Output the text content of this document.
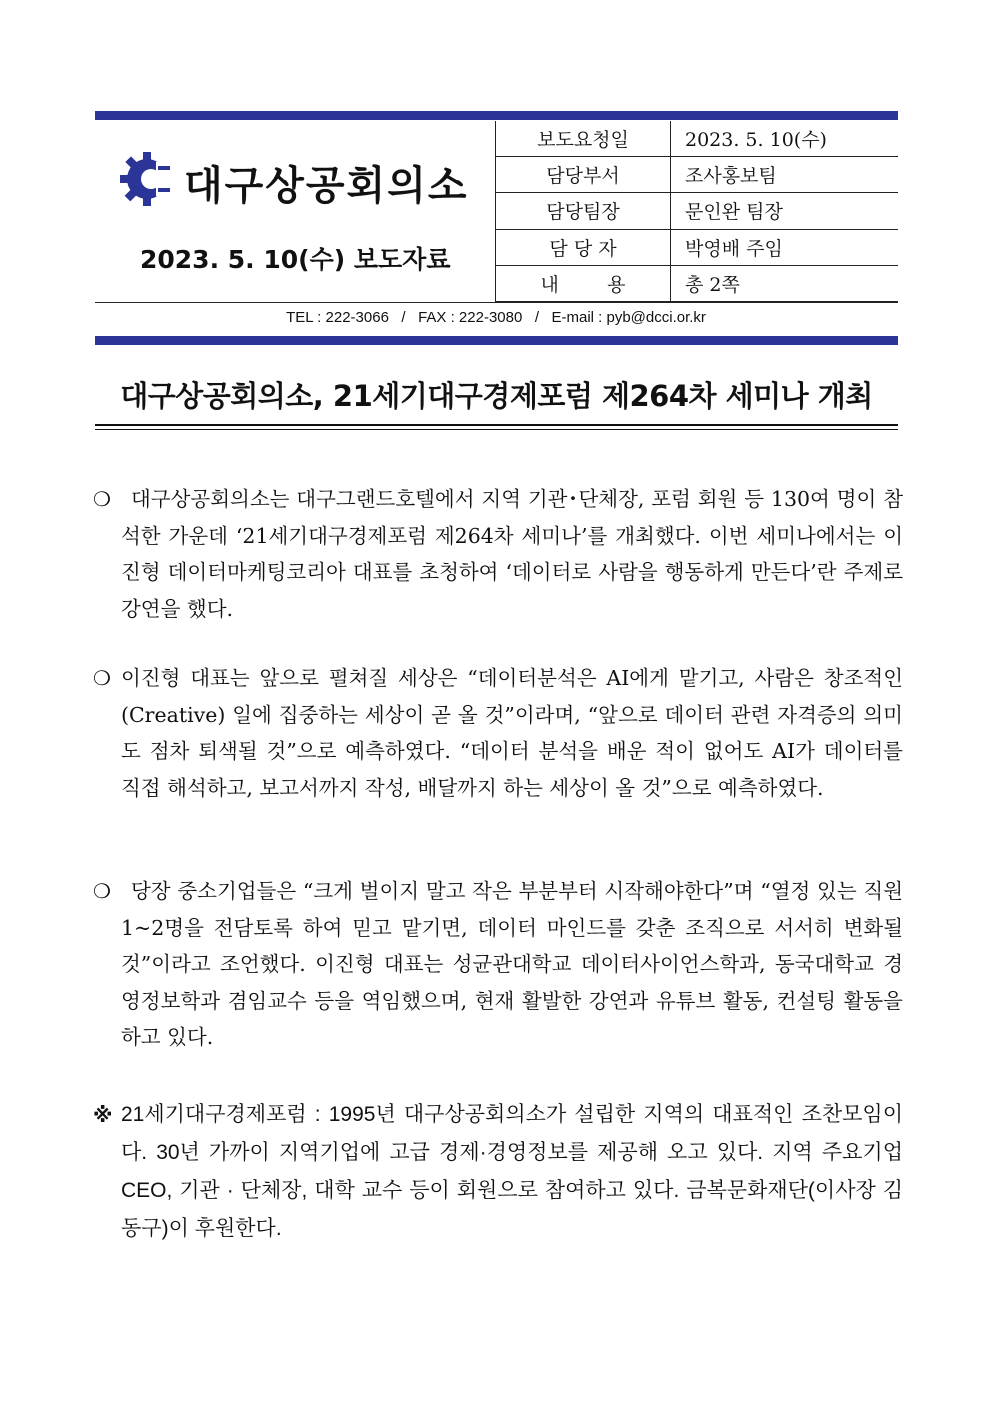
대구상공회의소
2023. 5. 10(수) 보도자료
보도요청일	2023. 5. 10(수)
담당부서	조사홍보팀
담당팀장	문인완 팀장
담 당 자	박영배 주임
내        용	총 2쪽
TEL : 222-3066   /   FAX : 222-3080   /   E-mail : pyb@dcci.or.kr
대구상공회의소, 21세기대구경제포럼 제264차 세미나 개최
❍ 대구상공회의소는 대구그랜드호텔에서 지역 기관･단체장, 포럼 회원 등 130여 명이 참석한 가운데 ‘21세기대구경제포럼 제264차 세미나’를 개최했다. 이번 세미나에서는 이진형 데이터마케팅코리아 대표를 초청하여 ‘데이터로 사람을 행동하게 만든다’란 주제로 강연을 했다.
❍ 이진형 대표는 앞으로 펼쳐질 세상은 “데이터분석은 AI에게 맡기고, 사람은 창조적인(Creative) 일에 집중하는 세상이 곧 올 것”이라며, “앞으로 데이터 관련 자격증의 의미도 점차 퇴색될 것”으로 예측하였다. “데이터 분석을 배운 적이 없어도 AI가 데이터를 직접 해석하고, 보고서까지 작성, 배달까지 하는 세상이 올 것”으로 예측하였다.
❍ 당장 중소기업들은 “크게 벌이지 말고 작은 부분부터 시작해야한다”며 “열정 있는 직원 1~2명을 전담토록 하여 믿고 맡기면, 데이터 마인드를 갖춘 조직으로 서서히 변화될 것”이라고 조언했다. 이진형 대표는 성균관대학교 데이터사이언스학과, 동국대학교 경영정보학과 겸임교수 등을 역임했으며, 현재 활발한 강연과 유튜브 활동, 컨설팅 활동을 하고 있다.
※ 21세기대구경제포럼 : 1995년 대구상공회의소가 설립한 지역의 대표적인 조찬모임이다. 30년 가까이 지역기업에 고급 경제·경영정보를 제공해 오고 있다. 지역 주요기업 CEO, 기관 · 단체장, 대학 교수 등이 회원으로 참여하고 있다. 금복문화재단(이사장 김동구)이 후원한다.
